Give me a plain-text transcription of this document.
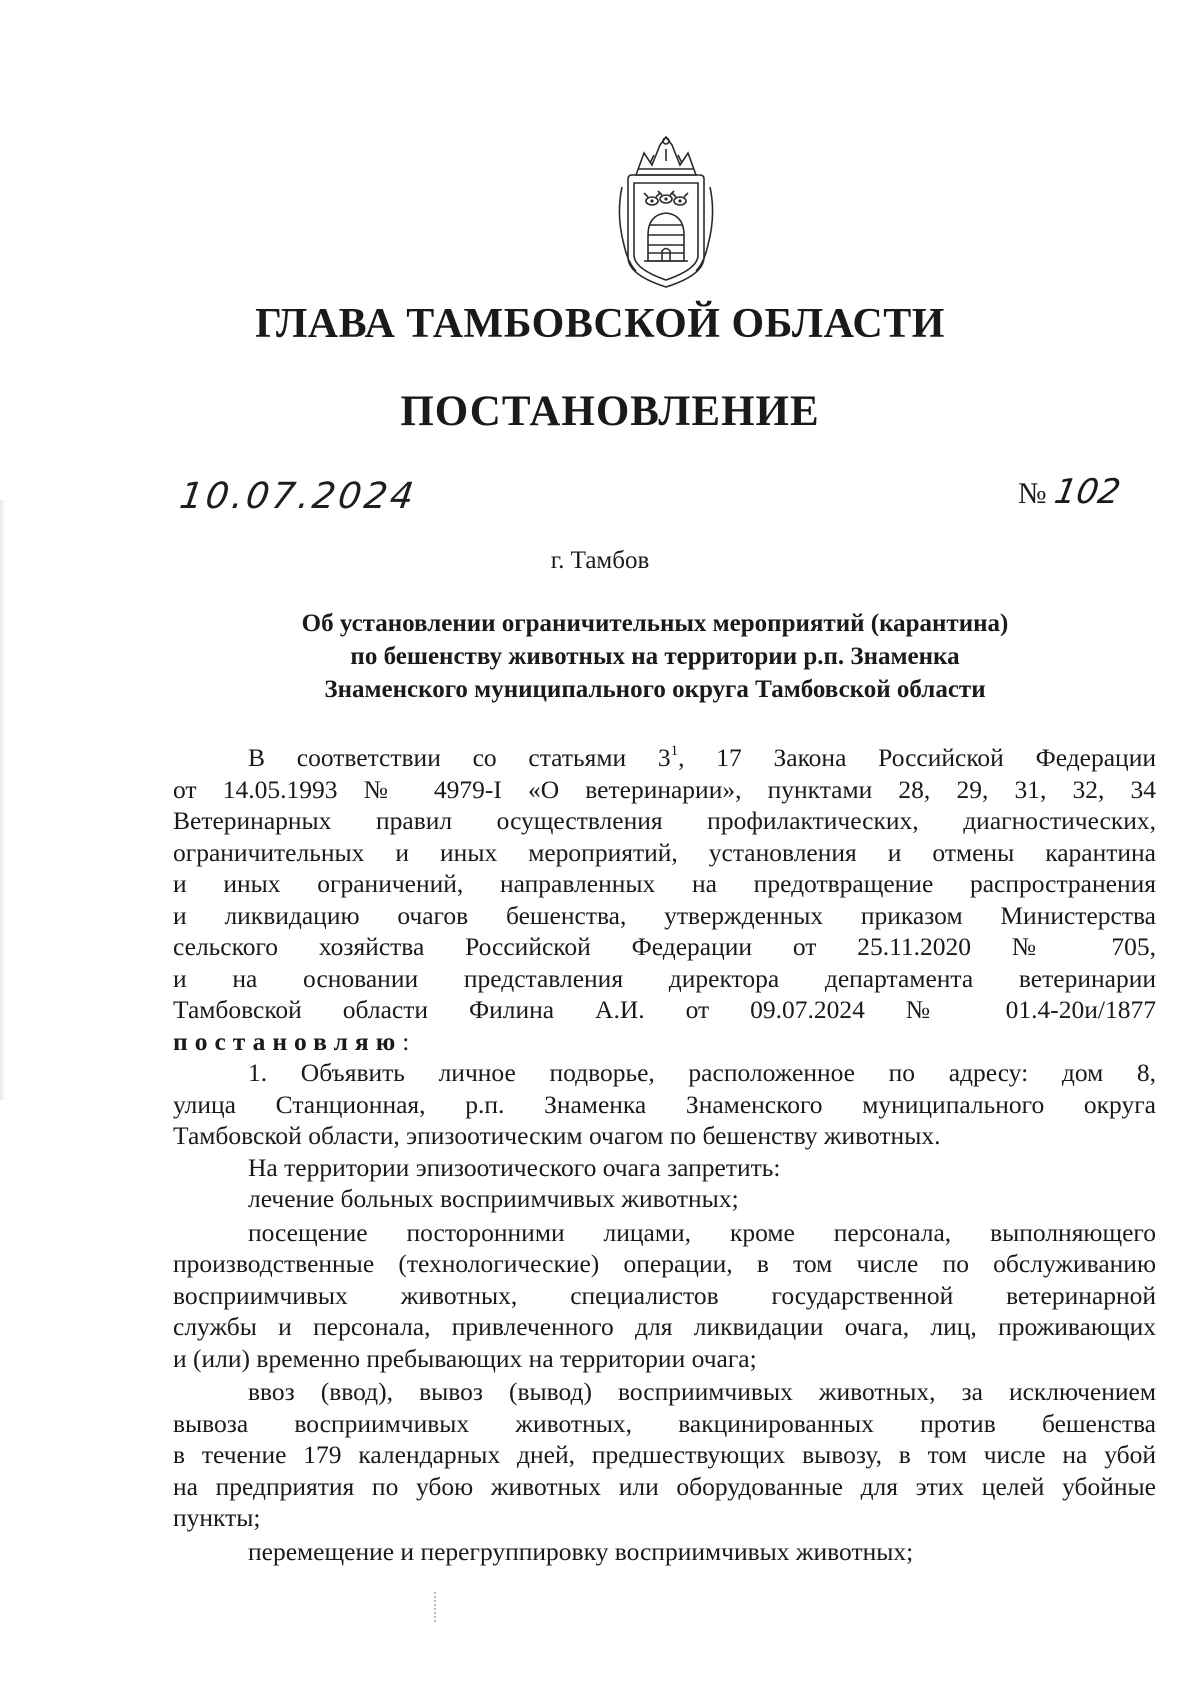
ГЛАВА ТАМБОВСКОЙ ОБЛАСТИ
ПОСТАНОВЛЕНИЕ
10.07.2024	№ 102
г. Тамбов
Об установлении ограничительных мероприятий (карантина)
по бешенству животных на территории р.п. Знаменка
Знаменского муниципального округа Тамбовской области
В соответствии со статьями $3^1$, 17 Закона Российской Федерации
от 14.05.1993 № 4979-I «О ветеринарии», пунктами 28, 29, 31, 32, 34
Ветеринарных правил осуществления профилактических, диагностических,
ограничительных и иных мероприятий, установления и отмены карантина
и иных ограничений, направленных на предотвращение распространения
и ликвидацию очагов бешенства, утвержденных приказом Министерства
сельского хозяйства Российской Федерации от 25.11.2020 № 705,
и на основании представления директора департамента ветеринарии
Тамбовской области Филина А.И. от 09.07.2024 № 01.4-20и/1877
постановляю:
1. Объявить личное подворье, расположенное по адресу: дом 8,
улица Станционная, р.п. Знаменка Знаменского муниципального округа
Тамбовской области, эпизоотическим очагом по бешенству животных.
На территории эпизоотического очага запретить:
лечение больных восприимчивых животных;
посещение посторонними лицами, кроме персонала, выполняющего
производственные (технологические) операции, в том числе по обслуживанию
восприимчивых животных, специалистов государственной ветеринарной
службы и персонала, привлеченного для ликвидации очага, лиц, проживающих
и (или) временно пребывающих на территории очага;
ввоз (ввод), вывоз (вывод) восприимчивых животных, за исключением
вывоза восприимчивых животных, вакцинированных против бешенства
в течение 179 календарных дней, предшествующих вывозу, в том числе на убой
на предприятия по убою животных или оборудованные для этих целей убойные
пункты;
перемещение и перегруппировку восприимчивых животных;
